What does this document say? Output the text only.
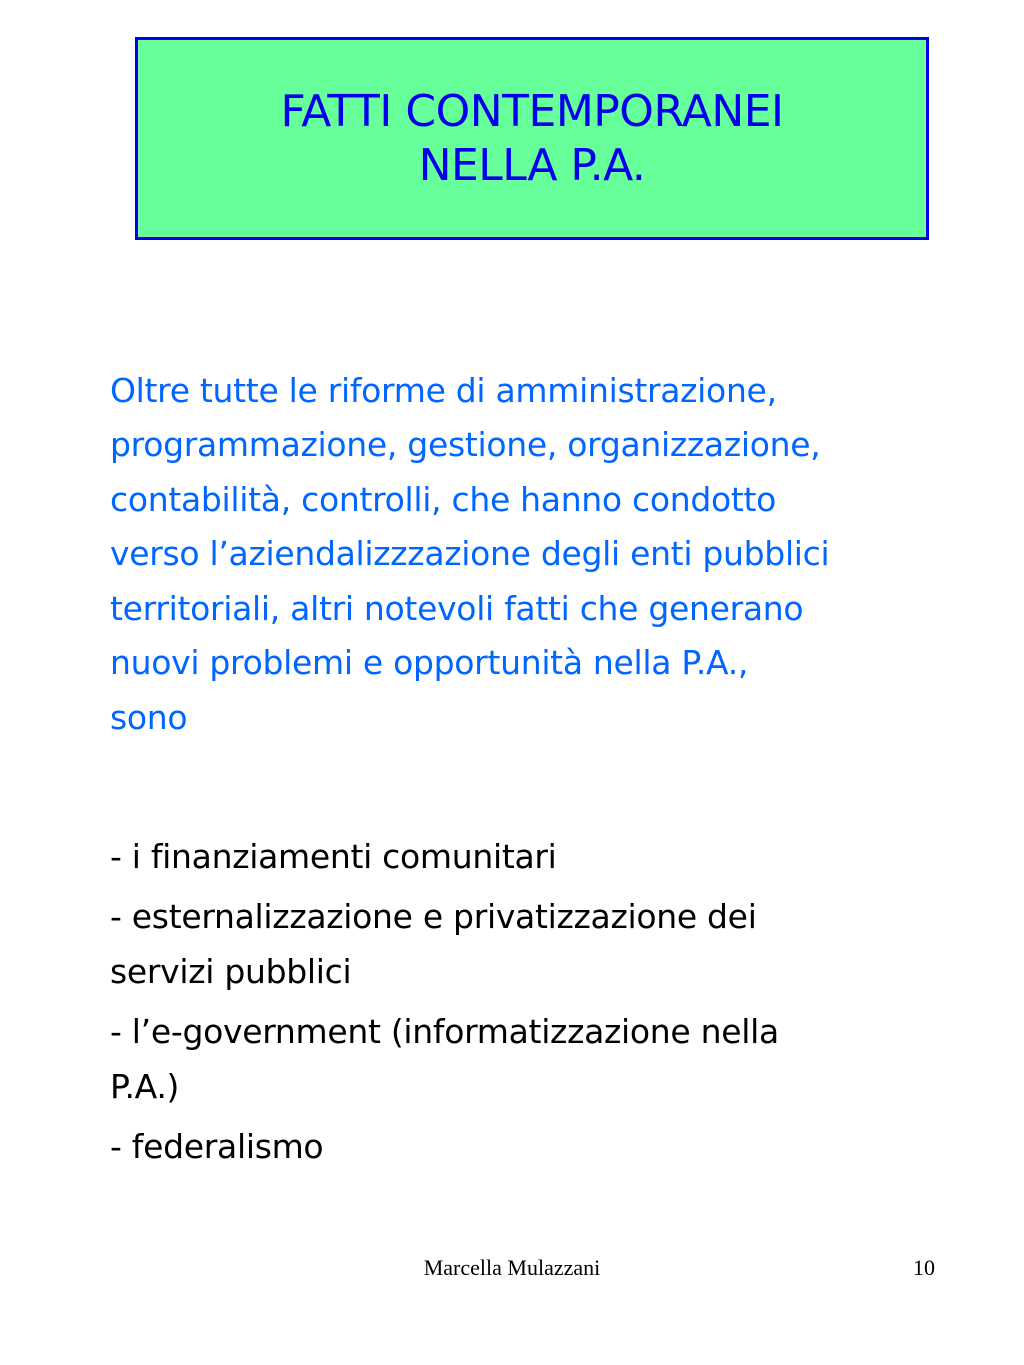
FATTI CONTEMPORANEI
NELLA P.A.
Oltre tutte le riforme di amministrazione,
programmazione, gestione, organizzazione,
contabilità, controlli, che hanno condotto
verso l’aziendalizzzazione degli enti pubblici
territoriali, altri notevoli fatti che generano
nuovi problemi e opportunità nella P.A.,
sono
- i finanziamenti comunitari
- esternalizzazione e privatizzazione dei
servizi pubblici
- l’e-government (informatizzazione nella
P.A.)
- federalismo
Marcella Mulazzani	10
